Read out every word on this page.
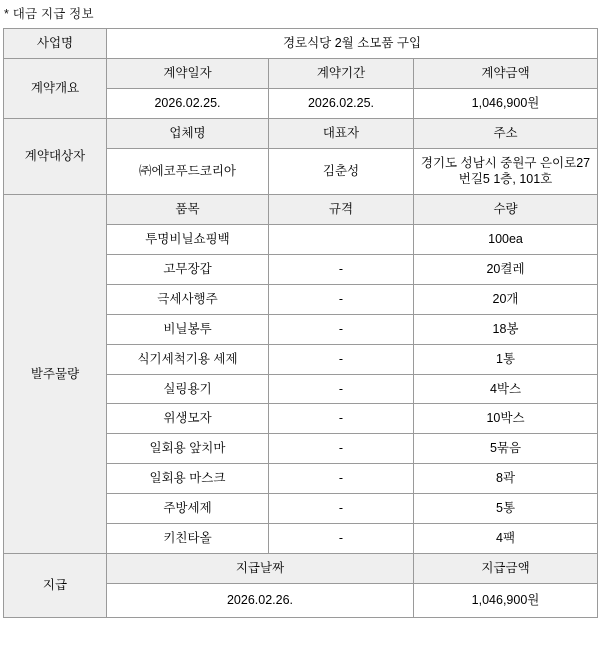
* 대금 지급 정보
사업명	경로식당 2월 소모품 구입		
계약개요	계약일자	계약기간	계약금액
	2026.02.25.	2026.02.25.	1,046,900원
계약대상자	업체명	대표자	주소
	㈜에코푸드코리아	김춘성	경기도 성남시 중원구 은이로27번길5 1층, 101호
발주물량	품목	규격	수량
	투명비닐쇼핑백		100ea
	고무장갑	-	20켤레
	극세사행주	-	20개
	비닐봉투	-	18봉
	식기세척기용 세제	-	1통
	실링용기	-	4박스
	위생모자	-	10박스
	일회용 앞치마	-	5묶음
	일회용 마스크	-	8곽
	주방세제	-	5통
	키친타올	-	4팩
지급	지급날짜		지급금액
	2026.02.26.		1,046,900원
